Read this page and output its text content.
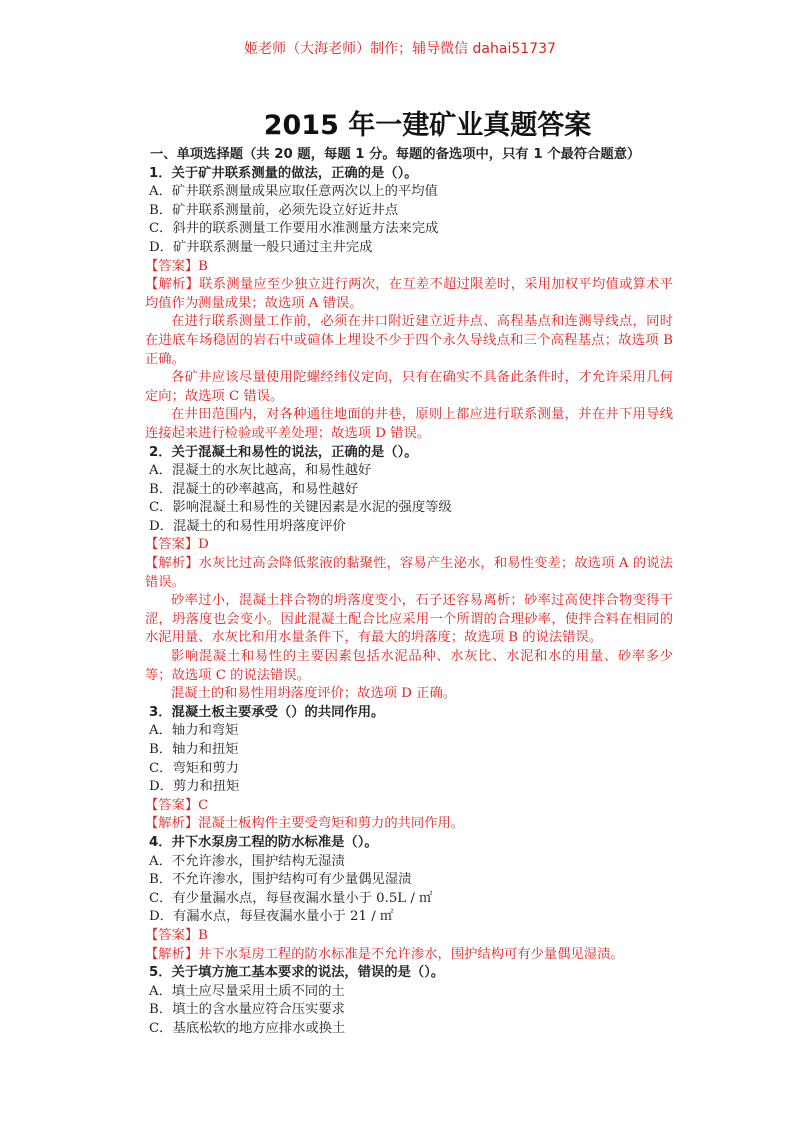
姬老师（大海老师）制作；辅导微信 dahai51737
2015 年一建矿业真题答案
一、单项选择题（共 20 题，每题 1 分。每题的备选项中，只有 1 个最符合题意）
1．关于矿井联系测量的做法，正确的是（）。
A．矿井联系测量成果应取任意两次以上的平均值
B．矿井联系测量前，必须先设立好近井点
C．斜井的联系测量工作要用水准测量方法来完成
D．矿井联系测量一般只通过主井完成
【答案】B
【解析】联系测量应至少独立进行两次，在互差不超过限差时，采用加权平均值或算术平均值作为测量成果；故选项 A 错误。
在进行联系测量工作前，必须在井口附近建立近井点、高程基点和连测导线点，同时在进底车场稳固的岩石中或碹体上埋设不少于四个永久导线点和三个高程基点；故选项 B 正确。
各矿井应该尽量使用陀螺经纬仪定向，只有在确实不具备此条件时，才允许采用几何定向；故选项 C 错误。
在井田范围内，对各种通往地面的井巷，原则上都应进行联系测量，并在井下用导线连接起来进行检验或平差处理；故选项 D 错误。
2．关于混凝土和易性的说法，正确的是（）。
A．混凝土的水灰比越高，和易性越好
B．混凝土的砂率越高，和易性越好
C．影响混凝土和易性的关键因素是水泥的强度等级
D．混凝土的和易性用坍落度评价
【答案】D
【解析】水灰比过高会降低浆液的黏聚性，容易产生泌水，和易性变差；故选项 A 的说法错误。
砂率过小，混凝土拌合物的坍落度变小，石子还容易离析；砂率过高使拌合物变得干涩，坍落度也会变小。因此混凝土配合比应采用一个所谓的合理砂率，使拌合料在相同的水泥用量、水灰比和用水量条件下，有最大的坍落度；故选项 B 的说法错误。
影响混凝土和易性的主要因素包括水泥品种、水灰比、水泥和水的用量、砂率多少等；故选项 C 的说法错误。
混凝土的和易性用坍落度评价；故选项 D 正确。
3．混凝土板主要承受（）的共同作用。
A．轴力和弯矩
B．轴力和扭矩
C．弯矩和剪力
D．剪力和扭矩
【答案】C
【解析】混凝土板构件主要受弯矩和剪力的共同作用。
4．井下水泵房工程的防水标准是（）。
A．不允许渗水，围护结构无湿渍
B．不允许渗水，围护结构可有少量偶见湿渍
C．有少量漏水点，每昼夜漏水量小于 0.5L / ㎡
D．有漏水点，每昼夜漏水量小于 21 / ㎡
【答案】B
【解析】井下水泵房工程的防水标准是不允许渗水，围护结构可有少量偶见湿渍。
5．关于填方施工基本要求的说法，错误的是（）。
A．填土应尽量采用土质不同的土
B．填土的含水量应符合压实要求
C．基底松软的地方应排水或换土
